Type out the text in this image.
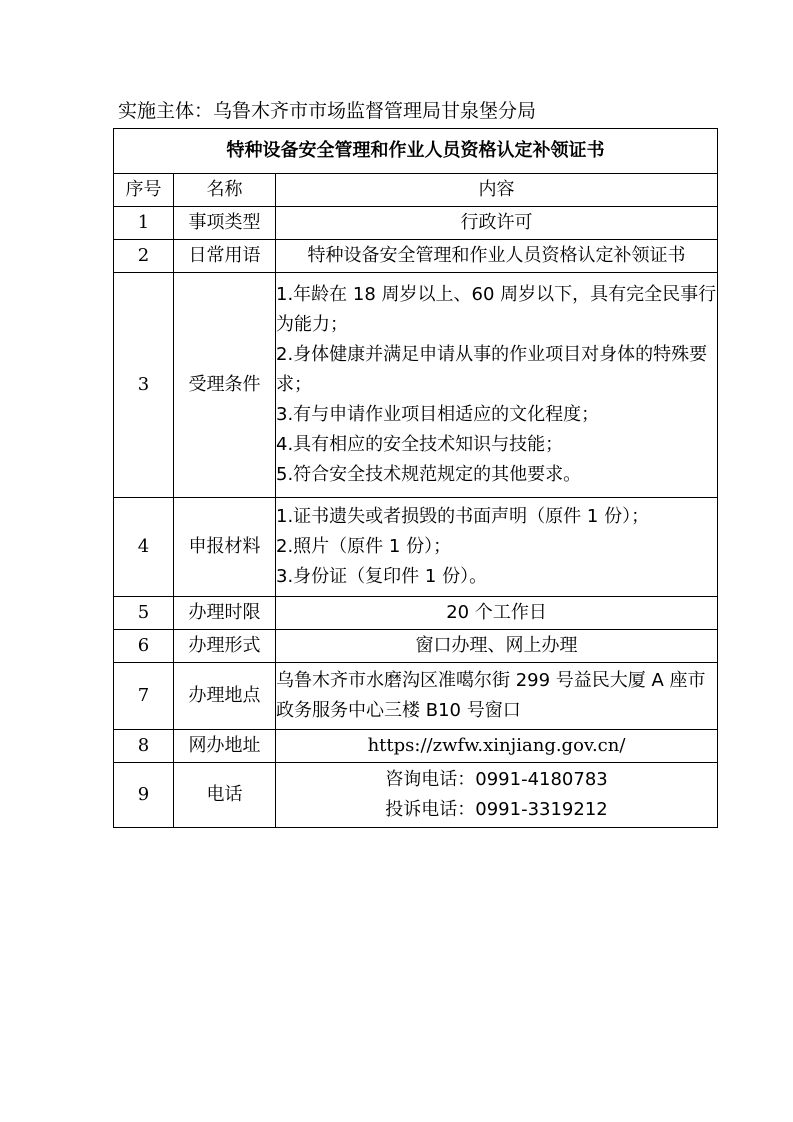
实施主体：乌鲁木齐市市场监督管理局甘泉堡分局
特种设备安全管理和作业人员资格认定补领证书		
序号	名称	内容
1	事项类型	行政许可

2	日常用语	特种设备安全管理和作业人员资格认定补领证书

3	受理条件	1.年龄在 18 周岁以上、60 周岁以下，具有完全民事行为能力；
2.身体健康并满足申请从事的作业项目对身体的特殊要求；
3.有与申请作业项目相适应的文化程度；
4.具有相应的安全技术知识与技能；
5.符合安全技术规范规定的其他要求。

4	申报材料	1.证书遗失或者损毁的书面声明（原件 1 份）；
2.照片（原件 1 份）；
3.身份证（复印件 1 份）。

5	办理时限	20 个工作日

6	办理形式	窗口办理、网上办理

7	办理地点	乌鲁木齐市水磨沟区准噶尔街 299 号益民大厦 A 座市政务服务中心三楼 B10 号窗口

8	网办地址	https://zwfw.xinjiang.gov.cn/

9	电话	咨询电话：0991-4180783
投诉电话：0991-3319212
